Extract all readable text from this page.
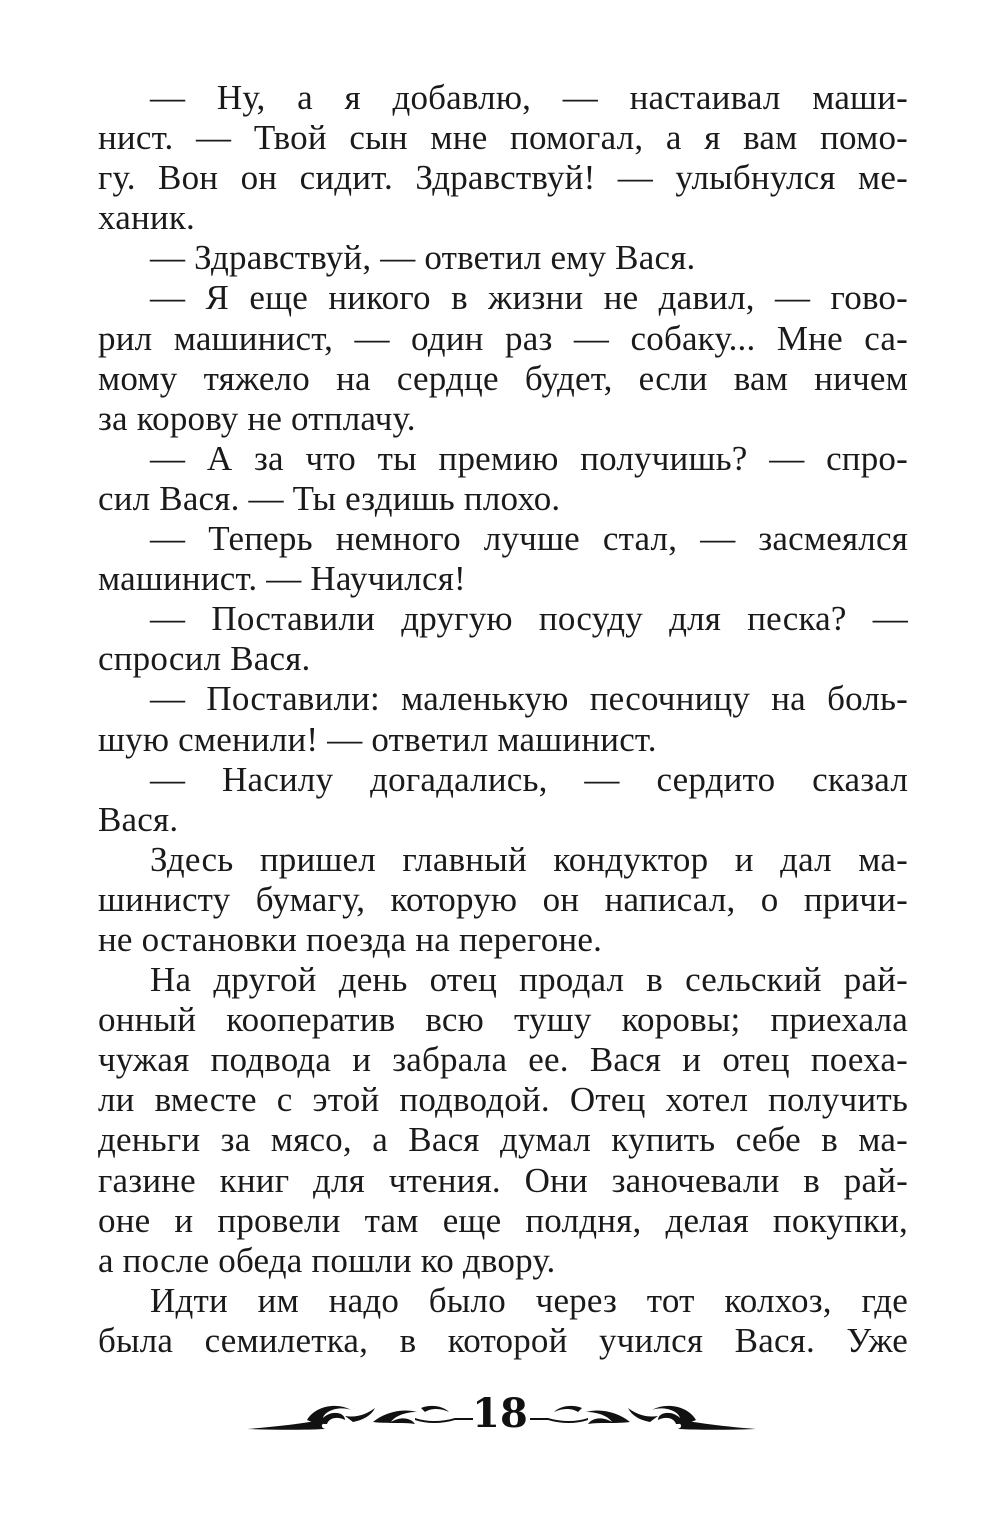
— Ну, а я добавлю, — настаивал маши-
нист. — Твой сын мне помогал, а я вам помо-
гу. Вон он сидит. Здравствуй! — улыбнулся ме-
ханик.
— Здравствуй, — ответил ему Вася.
— Я еще никого в жизни не давил, — гово-
рил машинист, — один раз — собаку... Мне са-
мому тяжело на сердце будет, если вам ничем
за корову не отплачу.
— А за что ты премию получишь? — спро-
сил Вася. — Ты ездишь плохо.
— Теперь немного лучше стал, — засмеялся
машинист. — Научился!
— Поставили другую посуду для песка? —
спросил Вася.
— Поставили: маленькую песочницу на боль-
шую сменили! — ответил машинист.
— Насилу догадались, — сердито сказал
Вася.
Здесь пришел главный кондуктор и дал ма-
шинисту бумагу, которую он написал, о причи-
не остановки поезда на перегоне.
На другой день отец продал в сельский рай-
онный кооператив всю тушу коровы; приехала
чужая подвода и забрала ее. Вася и отец поеха-
ли вместе с этой подводой. Отец хотел получить
деньги за мясо, а Вася думал купить себе в ма-
газине книг для чтения. Они заночевали в рай-
оне и провели там еще полдня, делая покупки,
а после обеда пошли ко двору.
Идти им надо было через тот колхоз, где
была семилетка, в которой учился Вася. Уже
18
